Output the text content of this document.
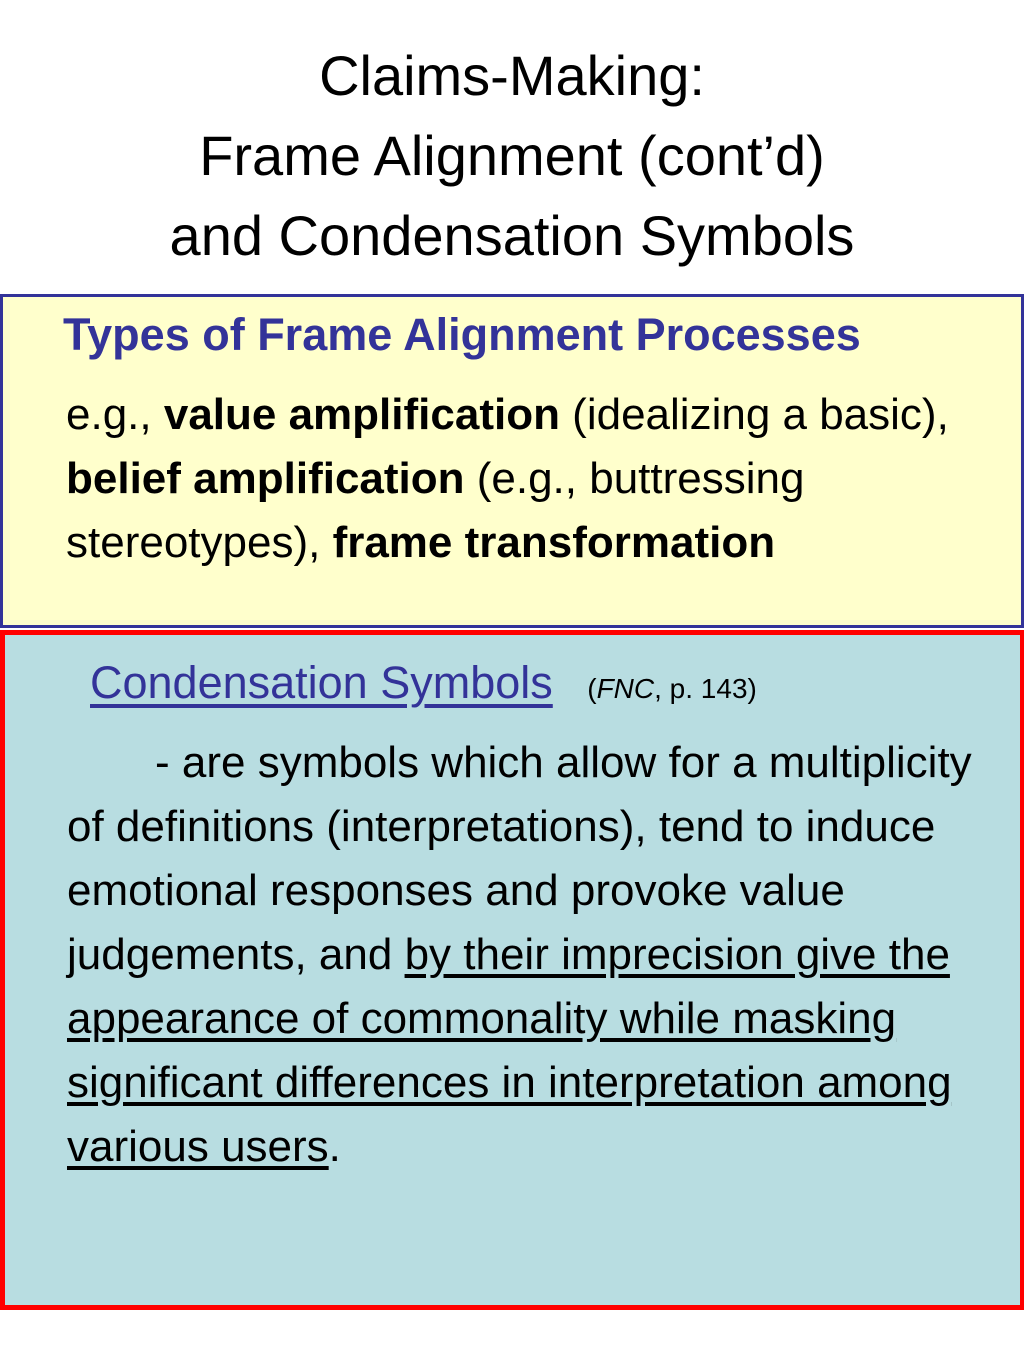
Claims-Making:
Frame Alignment (cont’d)
and Condensation Symbols
Types of Frame Alignment Processes
e.g., value amplification (idealizing a basic), belief amplification (e.g., buttressing stereotypes), frame transformation
Condensation Symbols (FNC, p. 143)
- are symbols which allow for a multiplicity of definitions (interpretations), tend to induce emotional responses and provoke value judgements, and by their imprecision give the appearance of commonality while masking significant differences in interpretation among various users.
